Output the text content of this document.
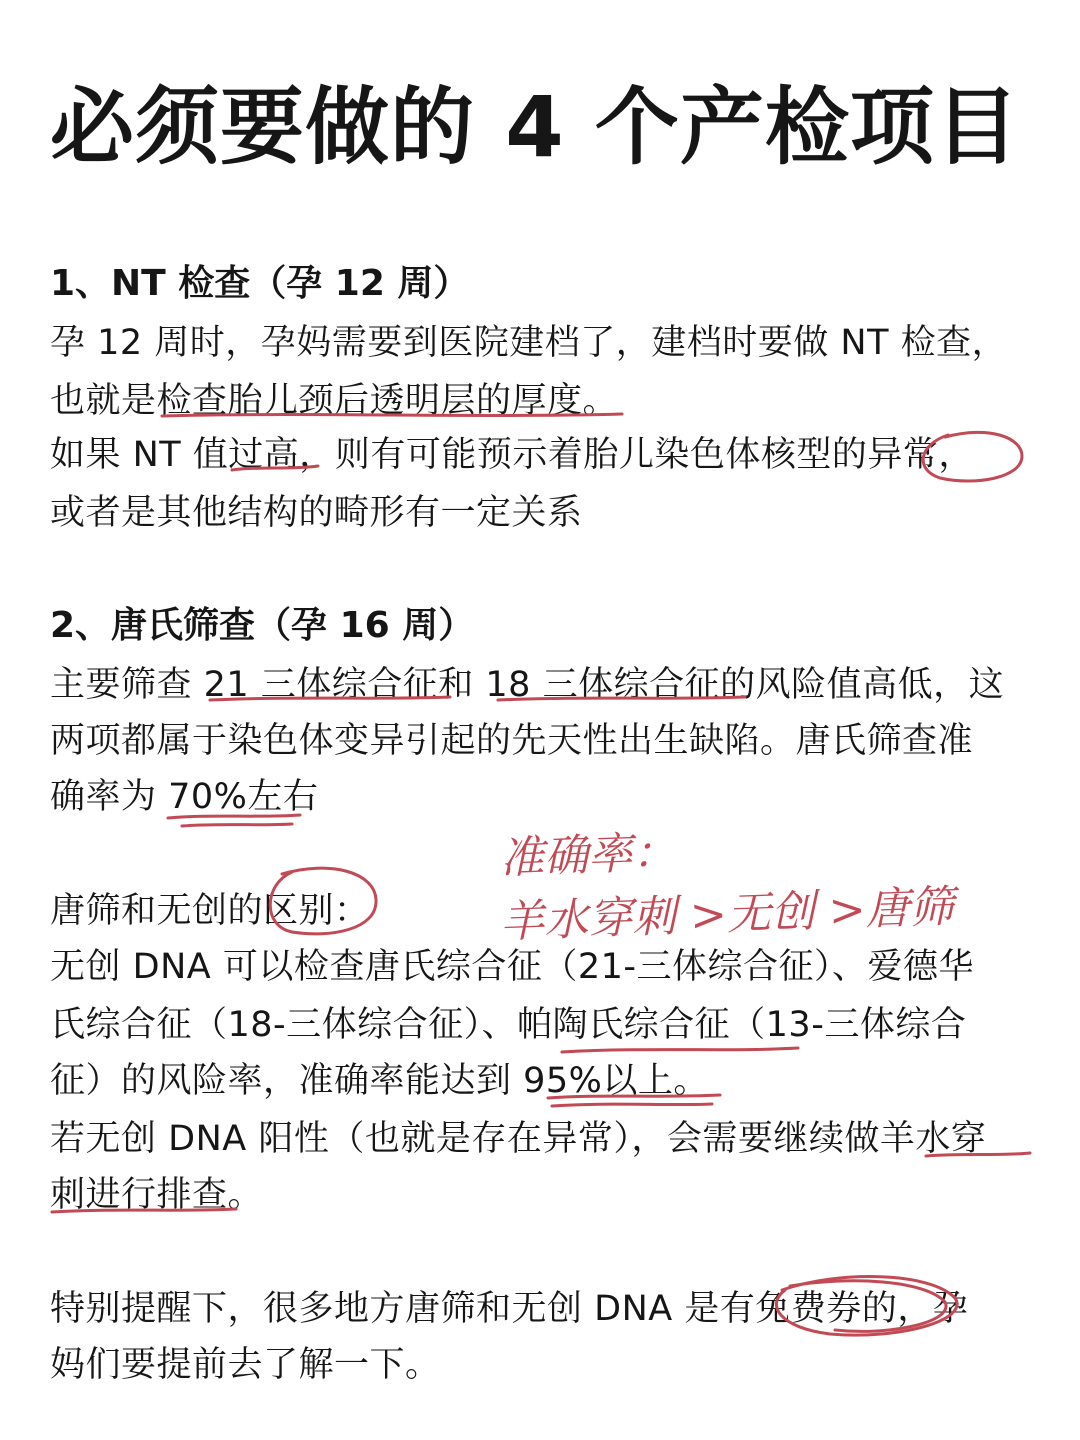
必须要做的 4 个产检项目
1、NT 检查（孕 12 周）
孕 12 周时，孕妈需要到医院建档了，建档时要做 NT 检查，
也就是检查胎儿颈后透明层的厚度。
如果 NT 值过高，则有可能预示着胎儿染色体核型的异常，
或者是其他结构的畸形有一定关系
2、唐氏筛查（孕 16 周）
主要筛查 21 三体综合征和 18 三体综合征的风险值高低，这
两项都属于染色体变异引起的先天性出生缺陷。唐氏筛查准
确率为 70%左右
唐筛和无创的区别：
无创 DNA 可以检查唐氏综合征（21-三体综合征）、爱德华
氏综合征（18-三体综合征）、帕陶氏综合征（13-三体综合
征）的风险率，准确率能达到 95%以上。
若无创 DNA 阳性（也就是存在异常），会需要继续做羊水穿
刺进行排查。
特别提醒下，很多地方唐筛和无创 DNA 是有免费券的，孕
妈们要提前去了解一下。
准确率：
羊水穿刺 >无创 >唐筛
